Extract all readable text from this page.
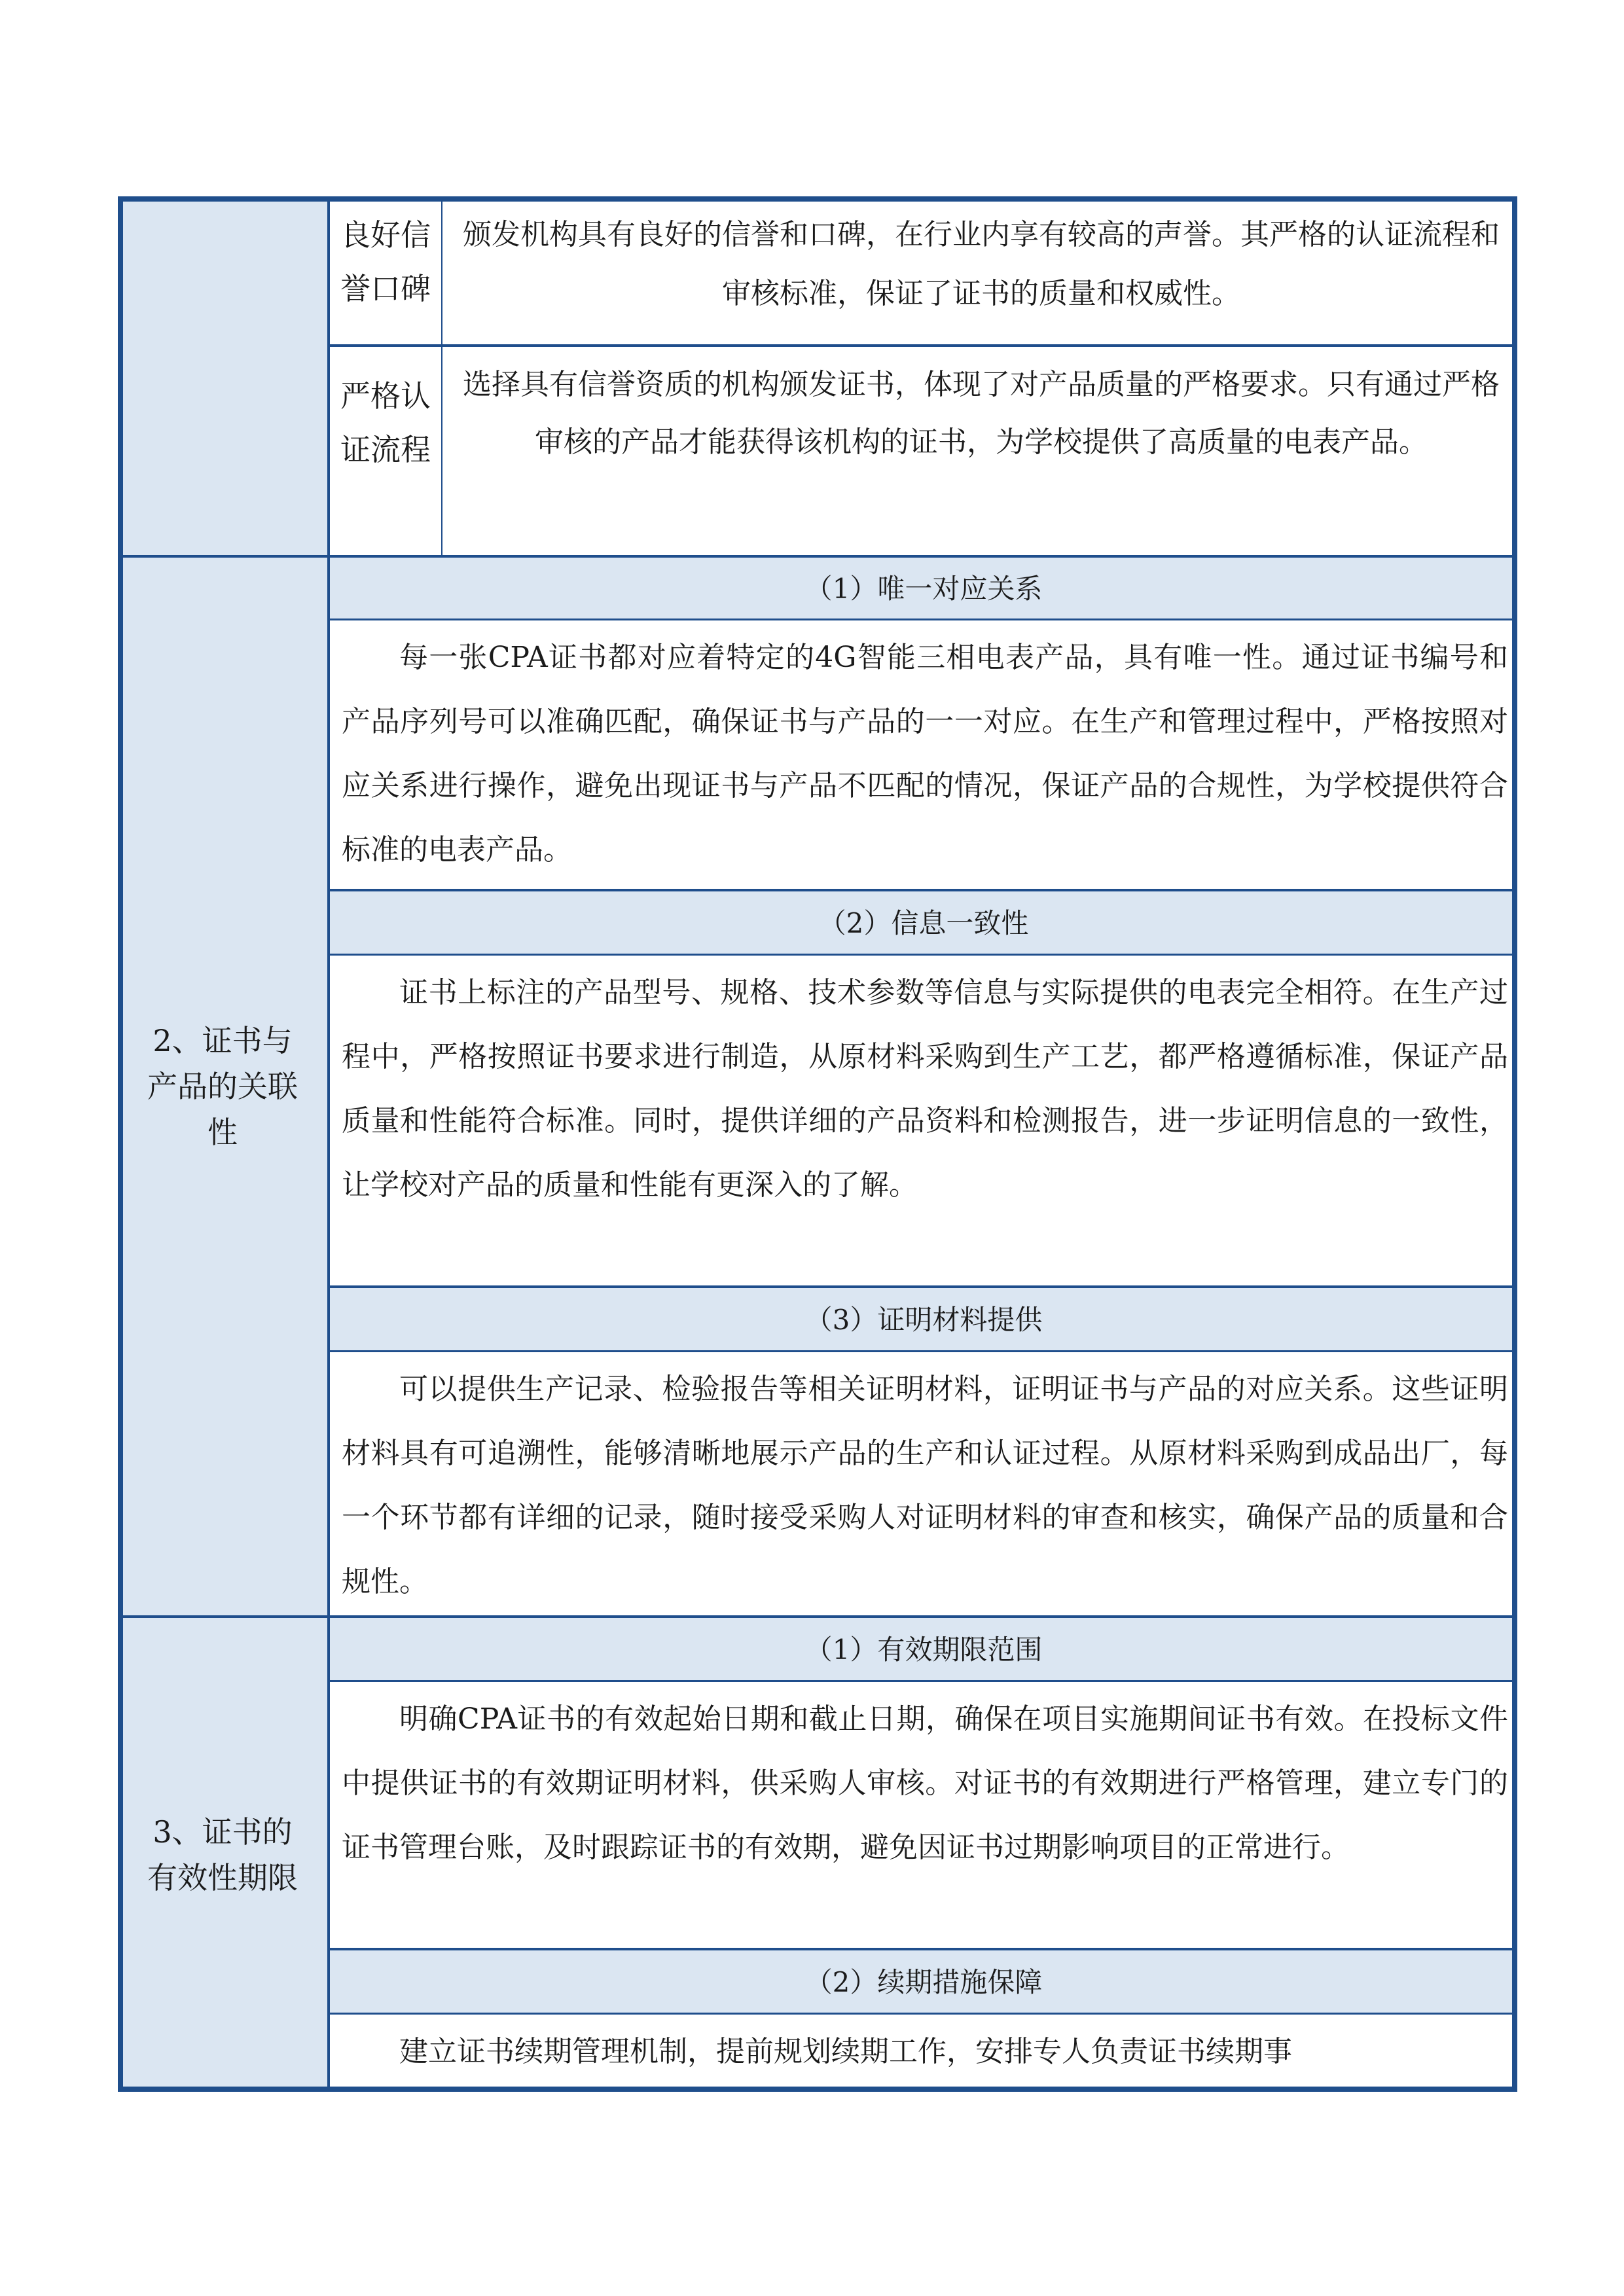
良好信誉口碑
颁发机构具有良好的信誉和口碑，在行业内享有较高的声誉。其严格的认证流程和审核标准，保证了证书的质量和权威性。
严格认证流程
选择具有信誉资质的机构颁发证书，体现了对产品质量的严格要求。只有通过严格审核的产品才能获得该机构的证书，为学校提供了高质量的电表产品。
2、证书与产品的关联性
（1）唯一对应关系
每一张CPA证书都对应着特定的4G智能三相电表产品，具有唯一性。通过证书编号和产品序列号可以准确匹配，确保证书与产品的一一对应。在生产和管理过程中，严格按照对应关系进行操作，避免出现证书与产品不匹配的情况，保证产品的合规性，为学校提供符合标准的电表产品。
（2）信息一致性
证书上标注的产品型号、规格、技术参数等信息与实际提供的电表完全相符。在生产过程中，严格按照证书要求进行制造，从原材料采购到生产工艺，都严格遵循标准，保证产品质量和性能符合标准。同时，提供详细的产品资料和检测报告，进一步证明信息的一致性，让学校对产品的质量和性能有更深入的了解。
（3）证明材料提供
可以提供生产记录、检验报告等相关证明材料，证明证书与产品的对应关系。这些证明材料具有可追溯性，能够清晰地展示产品的生产和认证过程。从原材料采购到成品出厂，每一个环节都有详细的记录，随时接受采购人对证明材料的审查和核实，确保产品的质量和合规性。
3、证书的有效性期限
（1）有效期限范围
明确CPA证书的有效起始日期和截止日期，确保在项目实施期间证书有效。在投标文件中提供证书的有效期证明材料，供采购人审核。对证书的有效期进行严格管理，建立专门的证书管理台账，及时跟踪证书的有效期，避免因证书过期影响项目的正常进行。
（2）续期措施保障
建立证书续期管理机制，提前规划续期工作，安排专人负责证书续期事
